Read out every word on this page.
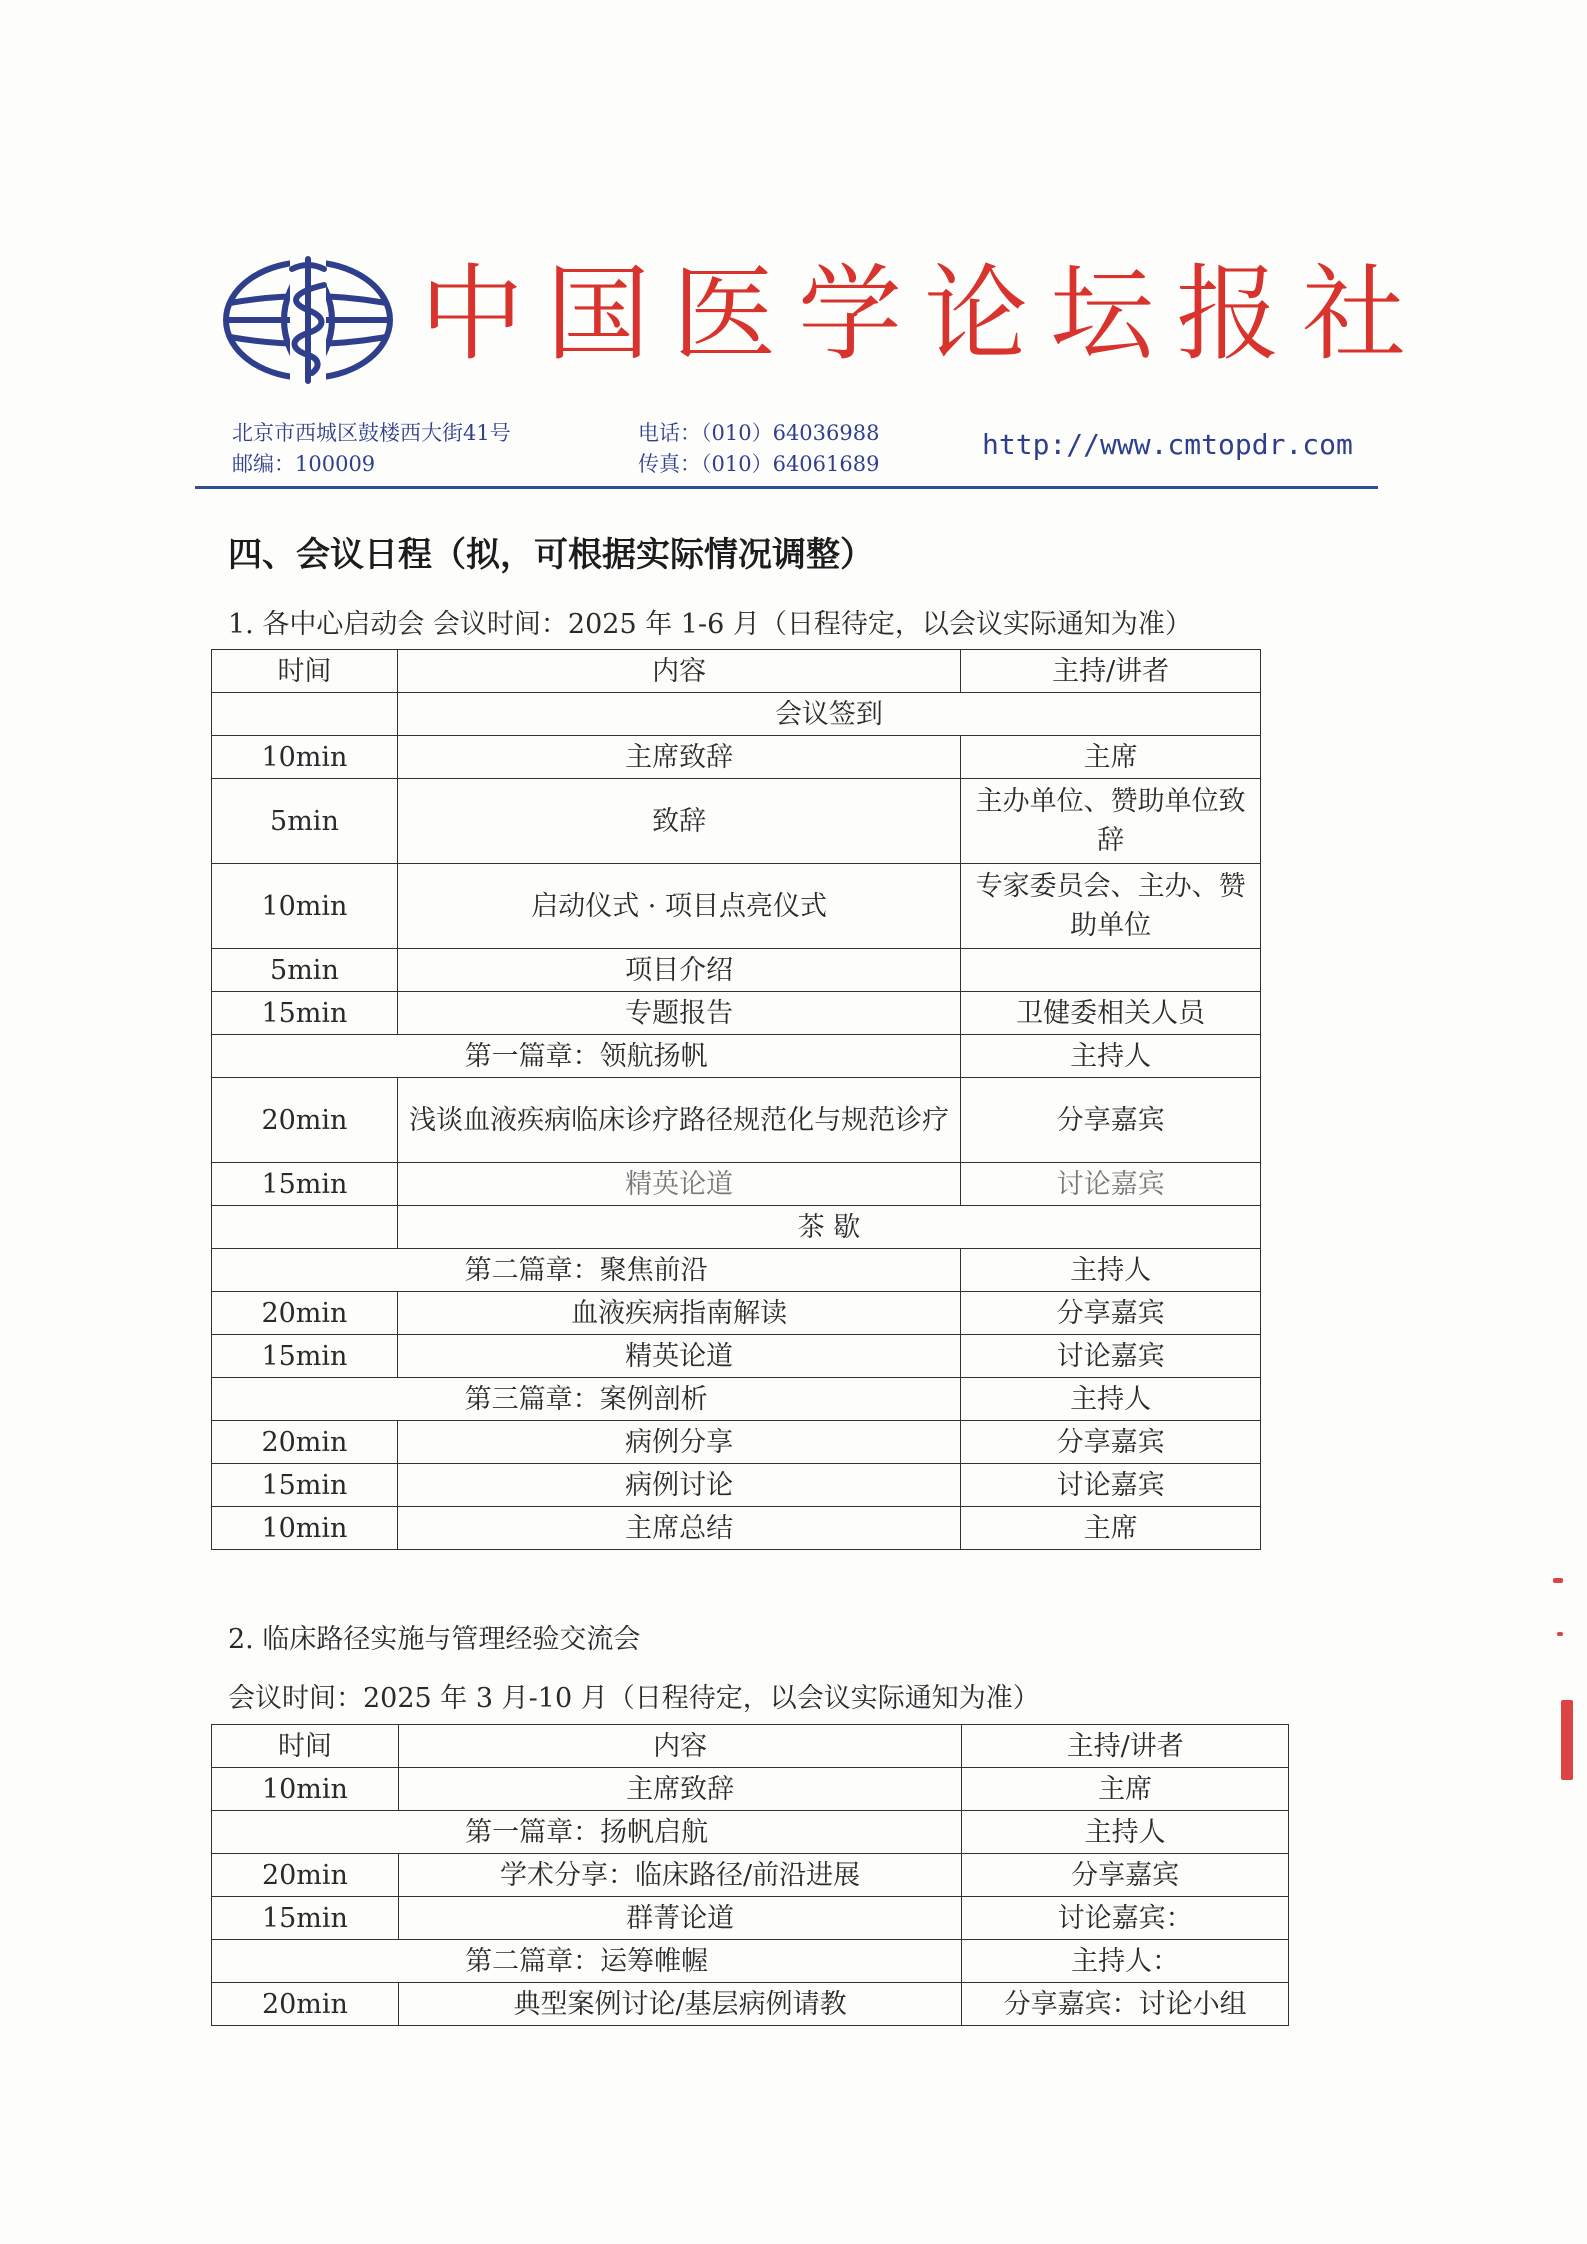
中国医学论坛报社
北京市西城区鼓楼西大街41号
邮编：100009
电话：（010）64036988
传真：（010）64061689
http://www.cmtopdr.com
四、会议日程（拟，可根据实际情况调整）
1. 各中心启动会 会议时间：2025 年 1-6 月（日程待定，以会议实际通知为准）
时间	内容	主持/讲者
	会议签到	
10min	主席致辞	主席
5min	致辞	主办单位、赞助单位致辞
10min	启动仪式 · 项目点亮仪式	专家委员会、主办、赞助单位
5min	项目介绍	
15min	专题报告	卫健委相关人员
第一篇章：领航扬帆		主持人
20min	浅谈血液疾病临床诊疗路径规范化与规范诊疗	分享嘉宾
15min	精英论道	讨论嘉宾
	茶 歇	
第二篇章：聚焦前沿		主持人
20min	血液疾病指南解读	分享嘉宾
15min	精英论道	讨论嘉宾
第三篇章：案例剖析		主持人
20min	病例分享	分享嘉宾
15min	病例讨论	讨论嘉宾
10min	主席总结	主席
2. 临床路径实施与管理经验交流会
会议时间：2025 年 3 月-10 月（日程待定，以会议实际通知为准）
时间	内容	主持/讲者
10min	主席致辞	主席
第一篇章：扬帆启航		主持人
20min	学术分享：临床路径/前沿进展	分享嘉宾
15min	群菁论道	讨论嘉宾：
第二篇章：运筹帷幄		主持人：
20min	典型案例讨论/基层病例请教	分享嘉宾：讨论小组
